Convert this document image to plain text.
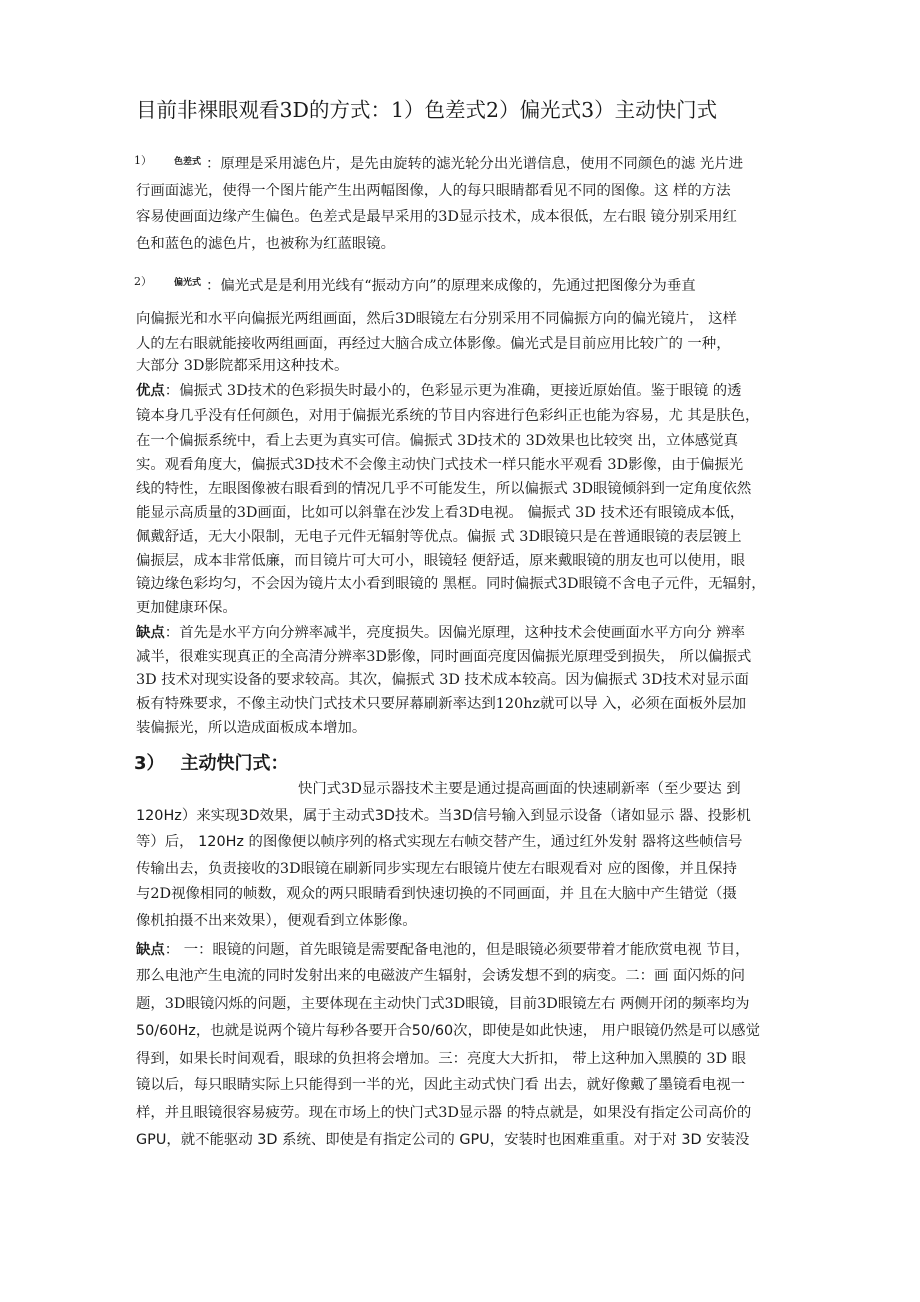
目前非裸眼观看3D的方式：1）色差式2）偏光式3）主动快门式
1） 色差式 ：原理是采用滤色片，是先由旋转的滤光轮分出光谱信息，使用不同颜色的滤 光片进
行画面滤光，使得一个图片能产生出两幅图像，人的每只眼睛都看见不同的图像。这 样的方法
容易使画面边缘产生偏色。色差式是最早采用的3D显示技术，成本很低，左右眼 镜分别采用红
色和蓝色的滤色片，也被称为红蓝眼镜。
2） 偏光式 ：偏光式是是利用光线有“振动方向”的原理来成像的，先通过把图像分为垂直
向偏振光和水平向偏振光两组画面，然后3D眼镜左右分别采用不同偏振方向的偏光镜片， 这样
人的左右眼就能接收两组画面，再经过大脑合成立体影像。偏光式是目前应用比较广的 一种，
大部分 3D影院都采用这种技术。
优点：偏振式 3D技术的色彩损失时最小的，色彩显示更为准确，更接近原始值。鉴于眼镜 的透
镜本身几乎没有任何颜色，对用于偏振光系统的节目内容进行色彩纠正也能为容易，尤 其是肤色，
在一个偏振系统中，看上去更为真实可信。偏振式 3D技术的 3D效果也比较突 出，立体感觉真
实。观看角度大，偏振式3D技术不会像主动快门式技术一样只能水平观看 3D影像，由于偏振光
线的特性，左眼图像被右眼看到的情况几乎不可能发生，所以偏振式 3D眼镜倾斜到一定角度依然
能显示高质量的3D画面，比如可以斜靠在沙发上看3D电视。 偏振式 3D 技术还有眼镜成本低，
佩戴舒适，无大小限制，无电子元件无辐射等优点。偏振 式 3D眼镜只是在普通眼镜的表层镀上
偏振层，成本非常低廉，而目镜片可大可小，眼镜轻 便舒适，原来戴眼镜的朋友也可以使用，眼
镜边缘色彩均匀，不会因为镜片太小看到眼镜的 黑框。同时偏振式3D眼镜不含电子元件，无辐射，
更加健康环保。
缺点：首先是水平方向分辨率减半，亮度损失。因偏光原理，这种技术会使画面水平方向分 辨率
减半，很难实现真正的全高清分辨率3D影像，同时画面亮度因偏振光原理受到损失， 所以偏振式
3D 技术对现实设备的要求较高。其次，偏振式 3D 技术成本较高。因为偏振式 3D技术对显示面
板有特殊要求，不像主动快门式技术只要屏幕刷新率达到120hz就可以导 入，必须在面板外层加
装偏振光，所以造成面板成本增加。
3） 主动快门式：
快门式3D显示器技术主要是通过提高画面的快速刷新率（至少要达 到
120Hz）来实现3D效果，属于主动式3D技术。当3D信号输入到显示设备（诸如显示 器、投影机
等）后， 120Hz 的图像便以帧序列的格式实现左右帧交替产生，通过红外发射 器将这些帧信号
传输出去，负责接收的3D眼镜在刷新同步实现左右眼镜片使左右眼观看对 应的图像，并且保持
与2D视像相同的帧数，观众的两只眼睛看到快速切换的不同画面，并 且在大脑中产生错觉（摄
像机拍摄不出来效果），便观看到立体影像。
缺点： 一：眼镜的问题，首先眼镜是需要配备电池的，但是眼镜必须要带着才能欣赏电视 节目，
那么电池产生电流的同时发射出来的电磁波产生辐射，会诱发想不到的病变。二：画 面闪烁的问
题，3D眼镜闪烁的问题，主要体现在主动快门式3D眼镜，目前3D眼镜左右 两侧开闭的频率均为
50/60Hz，也就是说两个镜片每秒各要开合50/60次，即使是如此快速， 用户眼镜仍然是可以感觉
得到，如果长时间观看，眼球的负担将会增加。三：亮度大大折扣， 带上这种加入黑膜的 3D 眼
镜以后，每只眼睛实际上只能得到一半的光，因此主动式快门看 出去，就好像戴了墨镜看电视一
样，并且眼镜很容易疲劳。现在市场上的快门式3D显示器 的特点就是，如果没有指定公司高价的
GPU，就不能驱动 3D 系统、即使是有指定公司的 GPU，安装时也困难重重。对于对 3D 安装没
